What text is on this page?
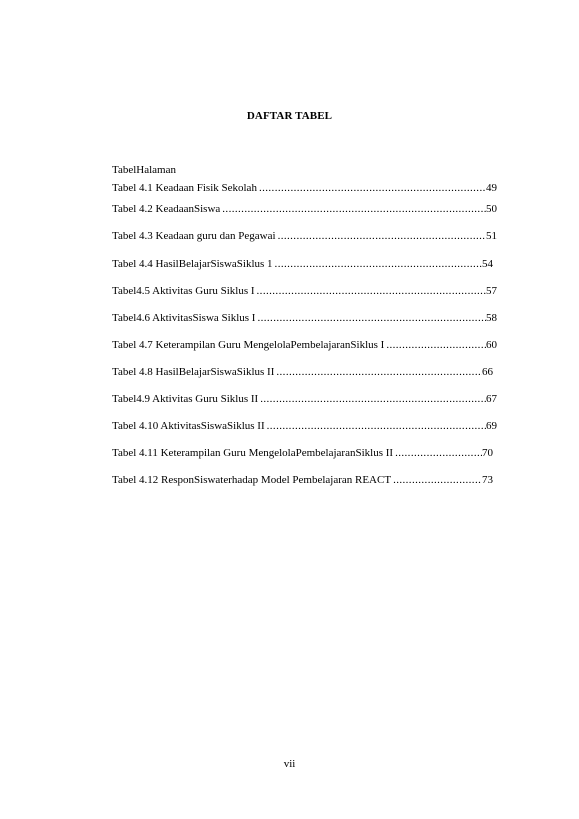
DAFTAR TABEL
TabelHalaman
Tabel 4.1 Keadaan Fisik Sekolah .....	49
Tabel 4.2 KeadaanSiswa .....	50
Tabel 4.3 Keadaan guru dan Pegawai .....	51
Tabel 4.4 HasilBelajarSiswaSiklus 1 .....	54
Tabel4.5 Aktivitas Guru Siklus I .....	57
Tabel4.6 AktivitasSiswa Siklus I .....	58
Tabel 4.7 Keterampilan Guru MengelolaPembelajaranSiklus I .....	60
Tabel 4.8 HasilBelajarSiswaSiklus II .....	66
Tabel4.9 Aktivitas Guru Siklus II .....	67
Tabel 4.10 AktivitasSiswaSiklus II .....	69
Tabel 4.11 Keterampilan Guru MengelolaPembelajaranSiklus II .....	70
Tabel 4.12 ResponSiswaterhadap Model Pembelajaran REACT .....	73
vii
